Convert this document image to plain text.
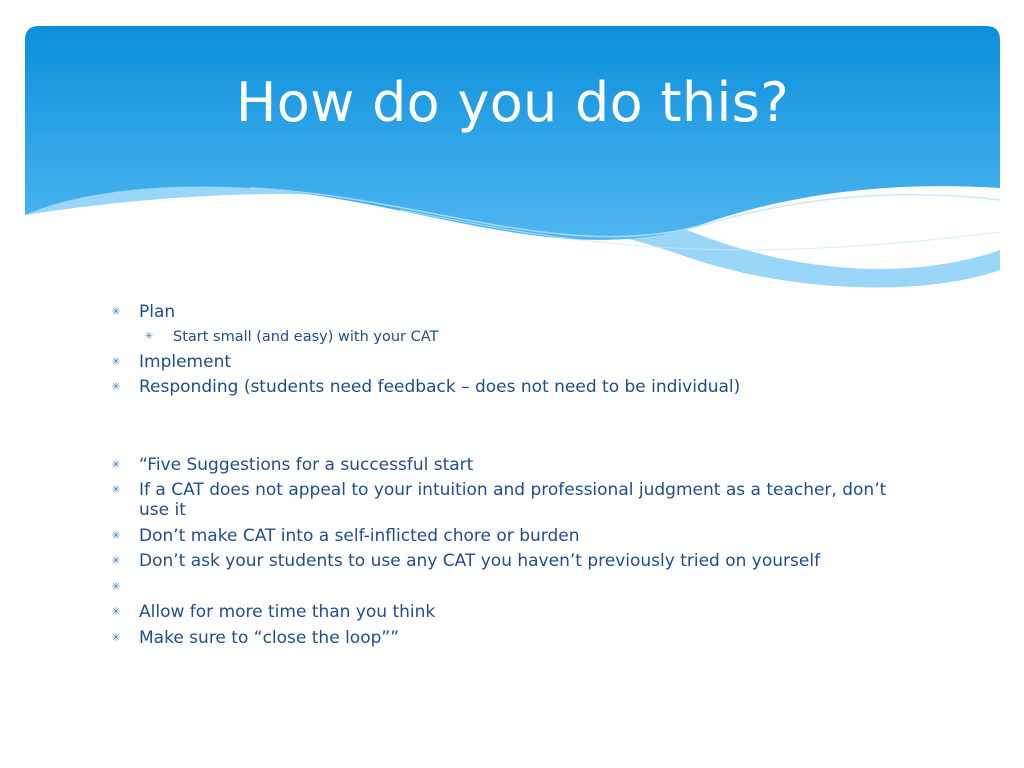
How do you do this?
✳ Plan
✳ Start small (and easy) with your CAT
✳ Implement
✳ Responding (students need feedback – does not need to be individual)
✳ “Five Suggestions for a successful start
✳ If a CAT does not appeal to your intuition and professional judgment as a teacher, don’t use it
✳ Don’t make CAT into a self-inflicted chore or burden
✳ Don’t ask your students to use any CAT you haven’t previously tried on yourself
✳
✳ Allow for more time than you think
✳ Make sure to “close the loop””
